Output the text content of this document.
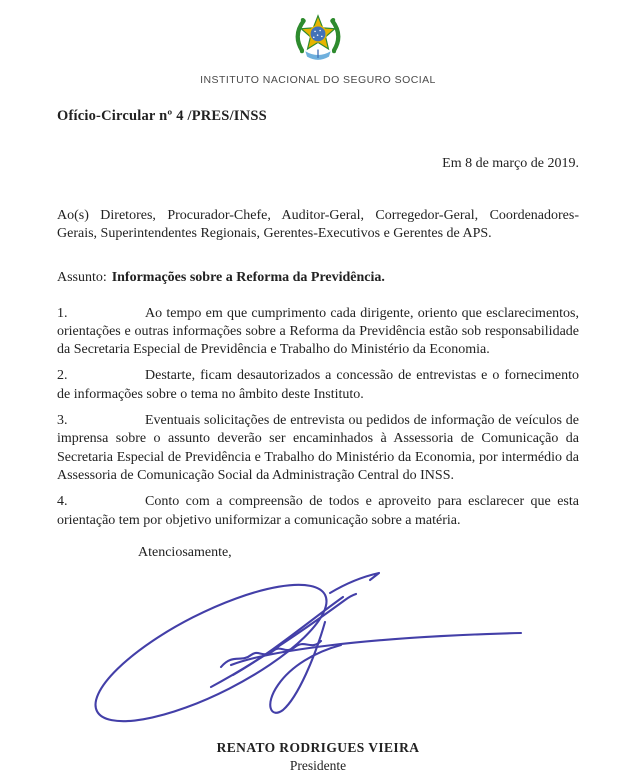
INSTITUTO NACIONAL DO SEGURO SOCIAL
Ofício-Circular nº 4 /PRES/INSS
Em 8 de março de 2019.

Ao(s) Diretores, Procurador-Chefe, Auditor-Geral, Corregedor-Geral, Coordenadores-Gerais, Superintendentes Regionais, Gerentes-Executivos e Gerentes de APS.

Assunto: Informações sobre a Reforma da Previdência.

1.	Ao tempo em que cumprimento cada dirigente, oriento que esclarecimentos, orientações e outras informações sobre a Reforma da Previdência estão sob responsabilidade da Secretaria Especial de Previdência e Trabalho do Ministério da Economia.

2.	Destarte, ficam desautorizados a concessão de entrevistas e o fornecimento de informações sobre o tema no âmbito deste Instituto.

3.	Eventuais solicitações de entrevista ou pedidos de informação de veículos de imprensa sobre o assunto deverão ser encaminhados à Assessoria de Comunicação da Secretaria Especial de Previdência e Trabalho do Ministério da Economia, por intermédio da Assessoria de Comunicação Social da Administração Central do INSS.

4.	Conto com a compreensão de todos e aproveito para esclarecer que esta orientação tem por objetivo uniformizar a comunicação sobre a matéria.

Atenciosamente,
RENATO RODRIGUES VIEIRA
Presidente
